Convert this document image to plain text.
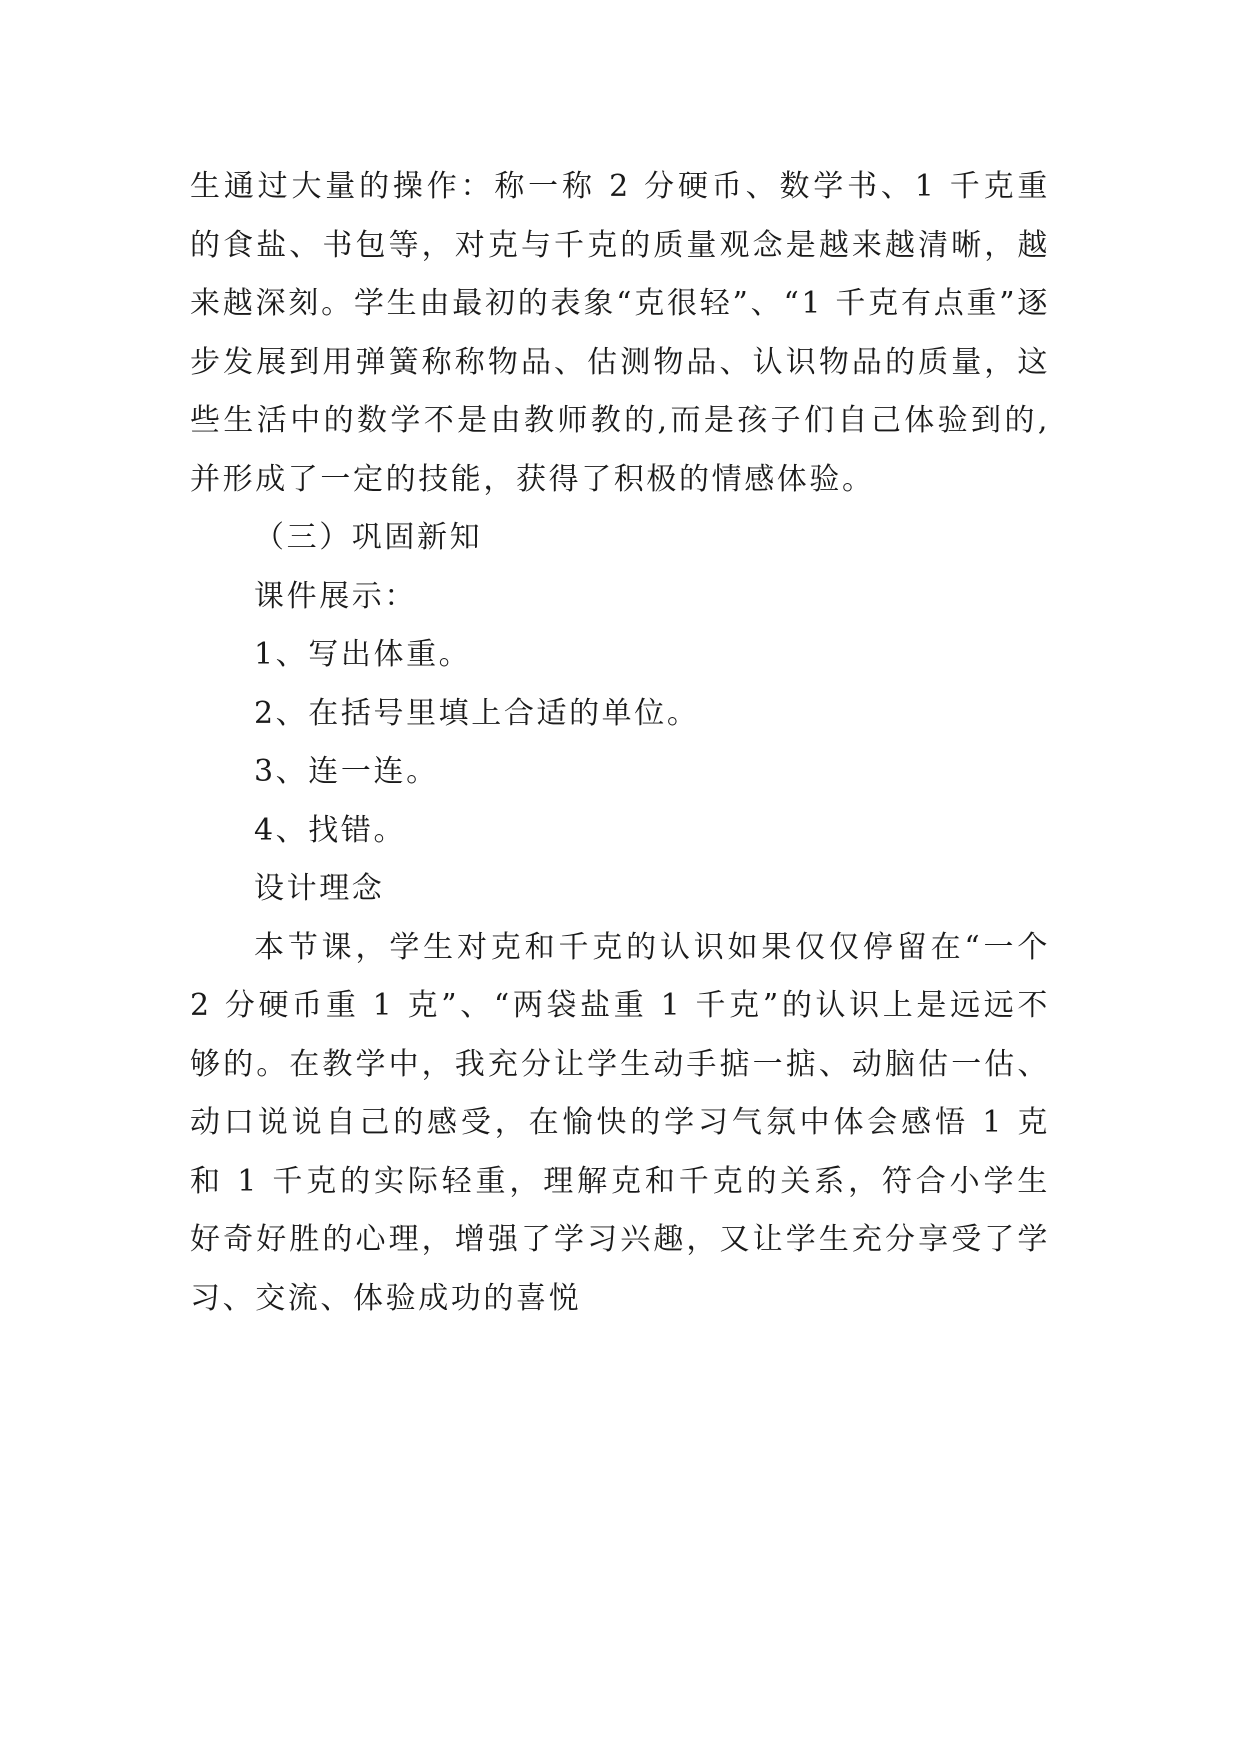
生通过大量的操作：称一称 2 分硬币、数学书、1 千克重的食盐、书包等，对克与千克的质量观念是越来越清晰，越来越深刻。学生由最初的表象“克很轻”、“1 千克有点重”逐步发展到用弹簧称称物品、估测物品、认识物品的质量，这些生活中的数学不是由教师教的,而是孩子们自己体验到的,并形成了一定的技能，获得了积极的情感体验。

（三）巩固新知

课件展示：

1、写出体重。

2、在括号里填上合适的单位。

3、连一连。

4、找错。

设计理念

本节课，学生对克和千克的认识如果仅仅停留在“一个 2 分硬币重 1 克”、“两袋盐重 1 千克”的认识上是远远不够的。在教学中，我充分让学生动手掂一掂、动脑估一估、动口说说自己的感受，在愉快的学习气氛中体会感悟 1 克和 1 千克的实际轻重，理解克和千克的关系，符合小学生好奇好胜的心理，增强了学习兴趣，又让学生充分享受了学习、交流、体验成功的喜悦
